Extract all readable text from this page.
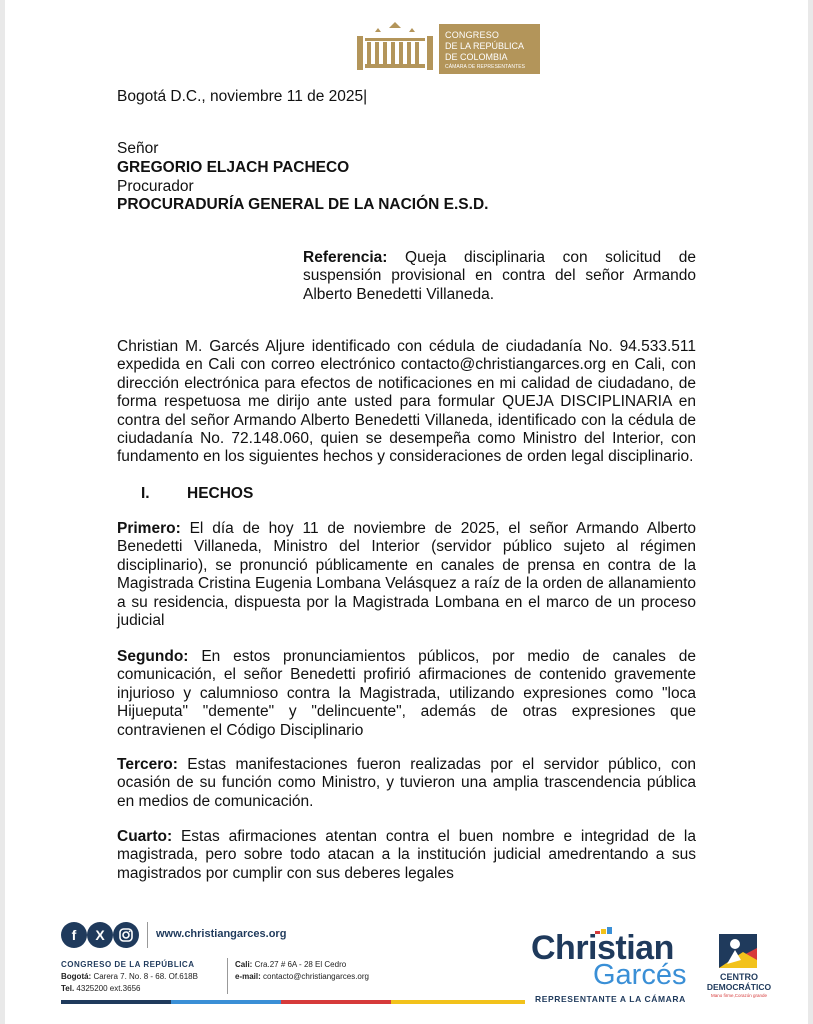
CONGRESO
DE LA REPÚBLICA
DE COLOMBIA
CÁMARA DE REPRESENTANTES
Bogotá D.C., noviembre 11 de 2025|
Señor
GREGORIO ELJACH PACHECO
Procurador
PROCURADURÍA GENERAL DE LA NACIÓN E.S.D.
Referencia: Queja disciplinaria con solicitud de
suspensión provisional en contra del señor Armando
Alberto Benedetti Villaneda.
Christian M. Garcés Aljure identificado con cédula de ciudadanía No. 94.533.511
expedida en Cali con correo electrónico contacto@christiangarces.org en Cali, con
dirección electrónica para efectos de notificaciones en mi calidad de ciudadano, de
forma respetuosa me dirijo ante usted para formular QUEJA DISCIPLINARIA en
contra del señor Armando Alberto Benedetti Villaneda, identificado con la cédula de
ciudadanía No. 72.148.060, quien se desempeña como Ministro del Interior, con
fundamento en los siguientes hechos y consideraciones de orden legal disciplinario.
I. HECHOS
Primero: El día de hoy 11 de noviembre de 2025, el señor Armando Alberto
Benedetti Villaneda, Ministro del Interior (servidor público sujeto al régimen
disciplinario), se pronunció públicamente en canales de prensa en contra de la
Magistrada Cristina Eugenia Lombana Velásquez a raíz de la orden de allanamiento
a su residencia, dispuesta por la Magistrada Lombana en el marco de un proceso
judicial
Segundo: En estos pronunciamientos públicos, por medio de canales de
comunicación, el señor Benedetti profirió afirmaciones de contenido gravemente
injurioso y calumnioso contra la Magistrada, utilizando expresiones como "loca
Hijueputa" "demente" y "delincuente", además de otras expresiones que
contravienen el Código Disciplinario
Tercero: Estas manifestaciones fueron realizadas por el servidor público, con
ocasión de su función como Ministro, y tuvieron una amplia trascendencia pública
en medios de comunicación.
Cuarto: Estas afirmaciones atentan contra el buen nombre e integridad de la
magistrada, pero sobre todo atacan a la institución judicial amedrentando a sus
magistrados por cumplir con sus deberes legales
f	X	www.christiangarces.org
CONGRESO DE LA REPÚBLICA
Bogotá: Carera 7. No. 8 - 68. Of.618B
Tel. 4325200 ext.3656
Cali: Cra.27 # 6A - 28 El Cedro
e-mail: contacto@christiangarces.org
Christian
Garcés
REPRESENTANTE A LA CÁMARA
CENTRO
DEMOCRÁTICO
Mano firme,Corazón grande
